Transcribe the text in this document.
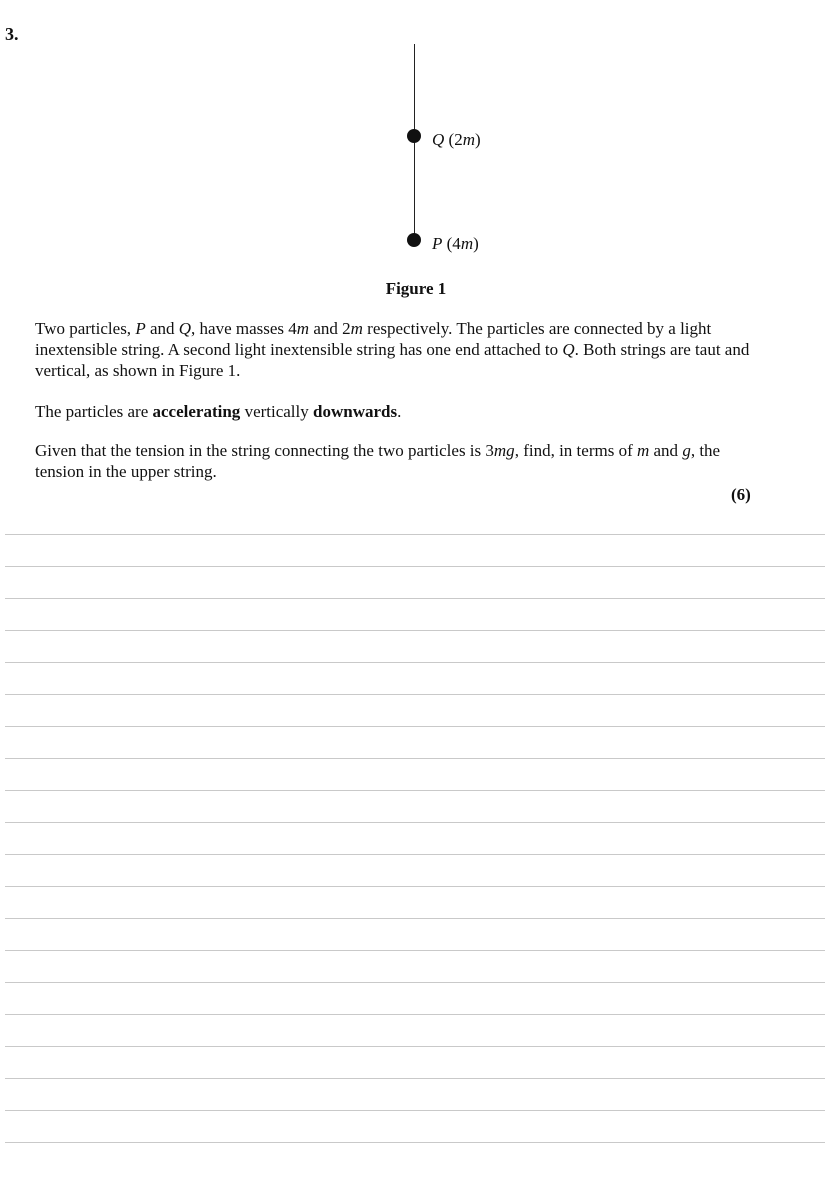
3.
Q (2m)
P (4m)
Figure 1

Two particles, P and Q, have masses 4m and 2m respectively. The particles are connected by a light inextensible string. A second light inextensible string has one end attached to Q. Both strings are taut and vertical, as shown in Figure 1.

The particles are accelerating vertically downwards.

Given that the tension in the string connecting the two particles is 3mg, find, in terms of m and g, the tension in the upper string.

(6)
